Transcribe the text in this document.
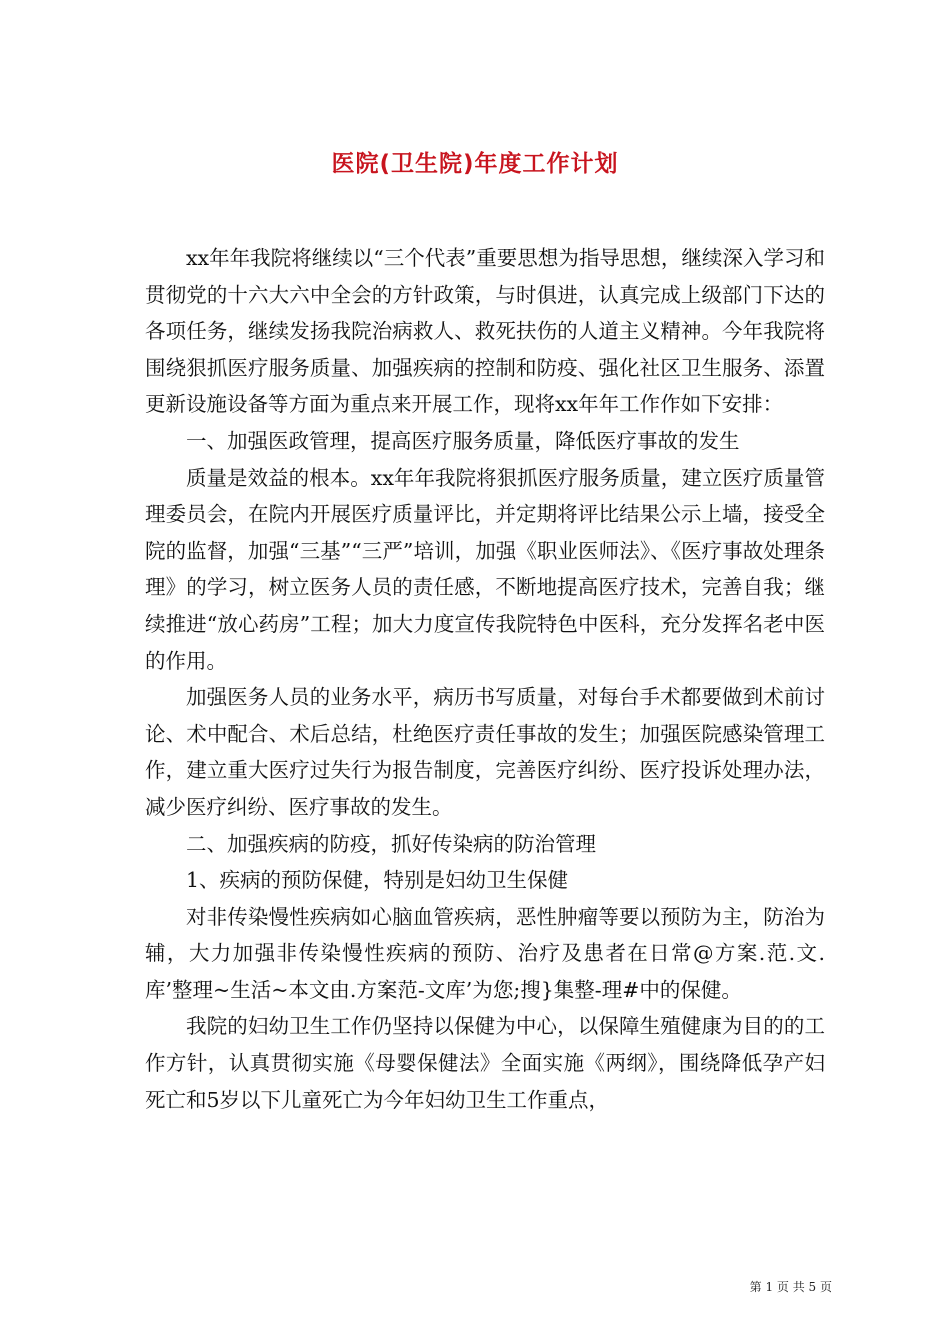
医院(卫生院)年度工作计划

xx年年我院将继续以“三个代表”重要思想为指导思想，继续深入学习和贯彻党的十六大六中全会的方针政策，与时俱进，认真完成上级部门下达的各项任务，继续发扬我院治病救人、救死扶伤的人道主义精神。今年我院将围绕狠抓医疗服务质量、加强疾病的控制和防疫、强化社区卫生服务、添置更新设施设备等方面为重点来开展工作，现将xx年年工作作如下安排：

一、加强医政管理，提高医疗服务质量，降低医疗事故的发生

质量是效益的根本。xx年年我院将狠抓医疗服务质量，建立医疗质量管理委员会，在院内开展医疗质量评比，并定期将评比结果公示上墙，接受全院的监督，加强“三基”“三严”培训，加强《职业医师法》、《医疗事故处理条理》的学习，树立医务人员的责任感，不断地提高医疗技术，完善自我；继续推进“放心药房”工程；加大力度宣传我院特色中医科，充分发挥名老中医的作用。

加强医务人员的业务水平，病历书写质量，对每台手术都要做到术前讨论、术中配合、术后总结，杜绝医疗责任事故的发生；加强医院感染管理工作，建立重大医疗过失行为报告制度，完善医疗纠纷、医疗投诉处理办法，减少医疗纠纷、医疗事故的发生。

二、加强疾病的防疫，抓好传染病的防治管理

1、疾病的预防保健，特别是妇幼卫生保健

对非传染慢性疾病如心脑血管疾病，恶性肿瘤等要以预防为主，防治为辅，大力加强非传染慢性疾病的预防、治疗及患者在日常@方案.范.文.库’整理~生活~本文由.方案范-文库’为您;搜}集整-理#中的保健。

我院的妇幼卫生工作仍坚持以保健为中心，以保障生殖健康为目的的工作方针，认真贯彻实施《母婴保健法》全面实施《两纲》，围绕降低孕产妇死亡和5岁以下儿童死亡为今年妇幼卫生工作重点，

第 1 页 共 5 页
